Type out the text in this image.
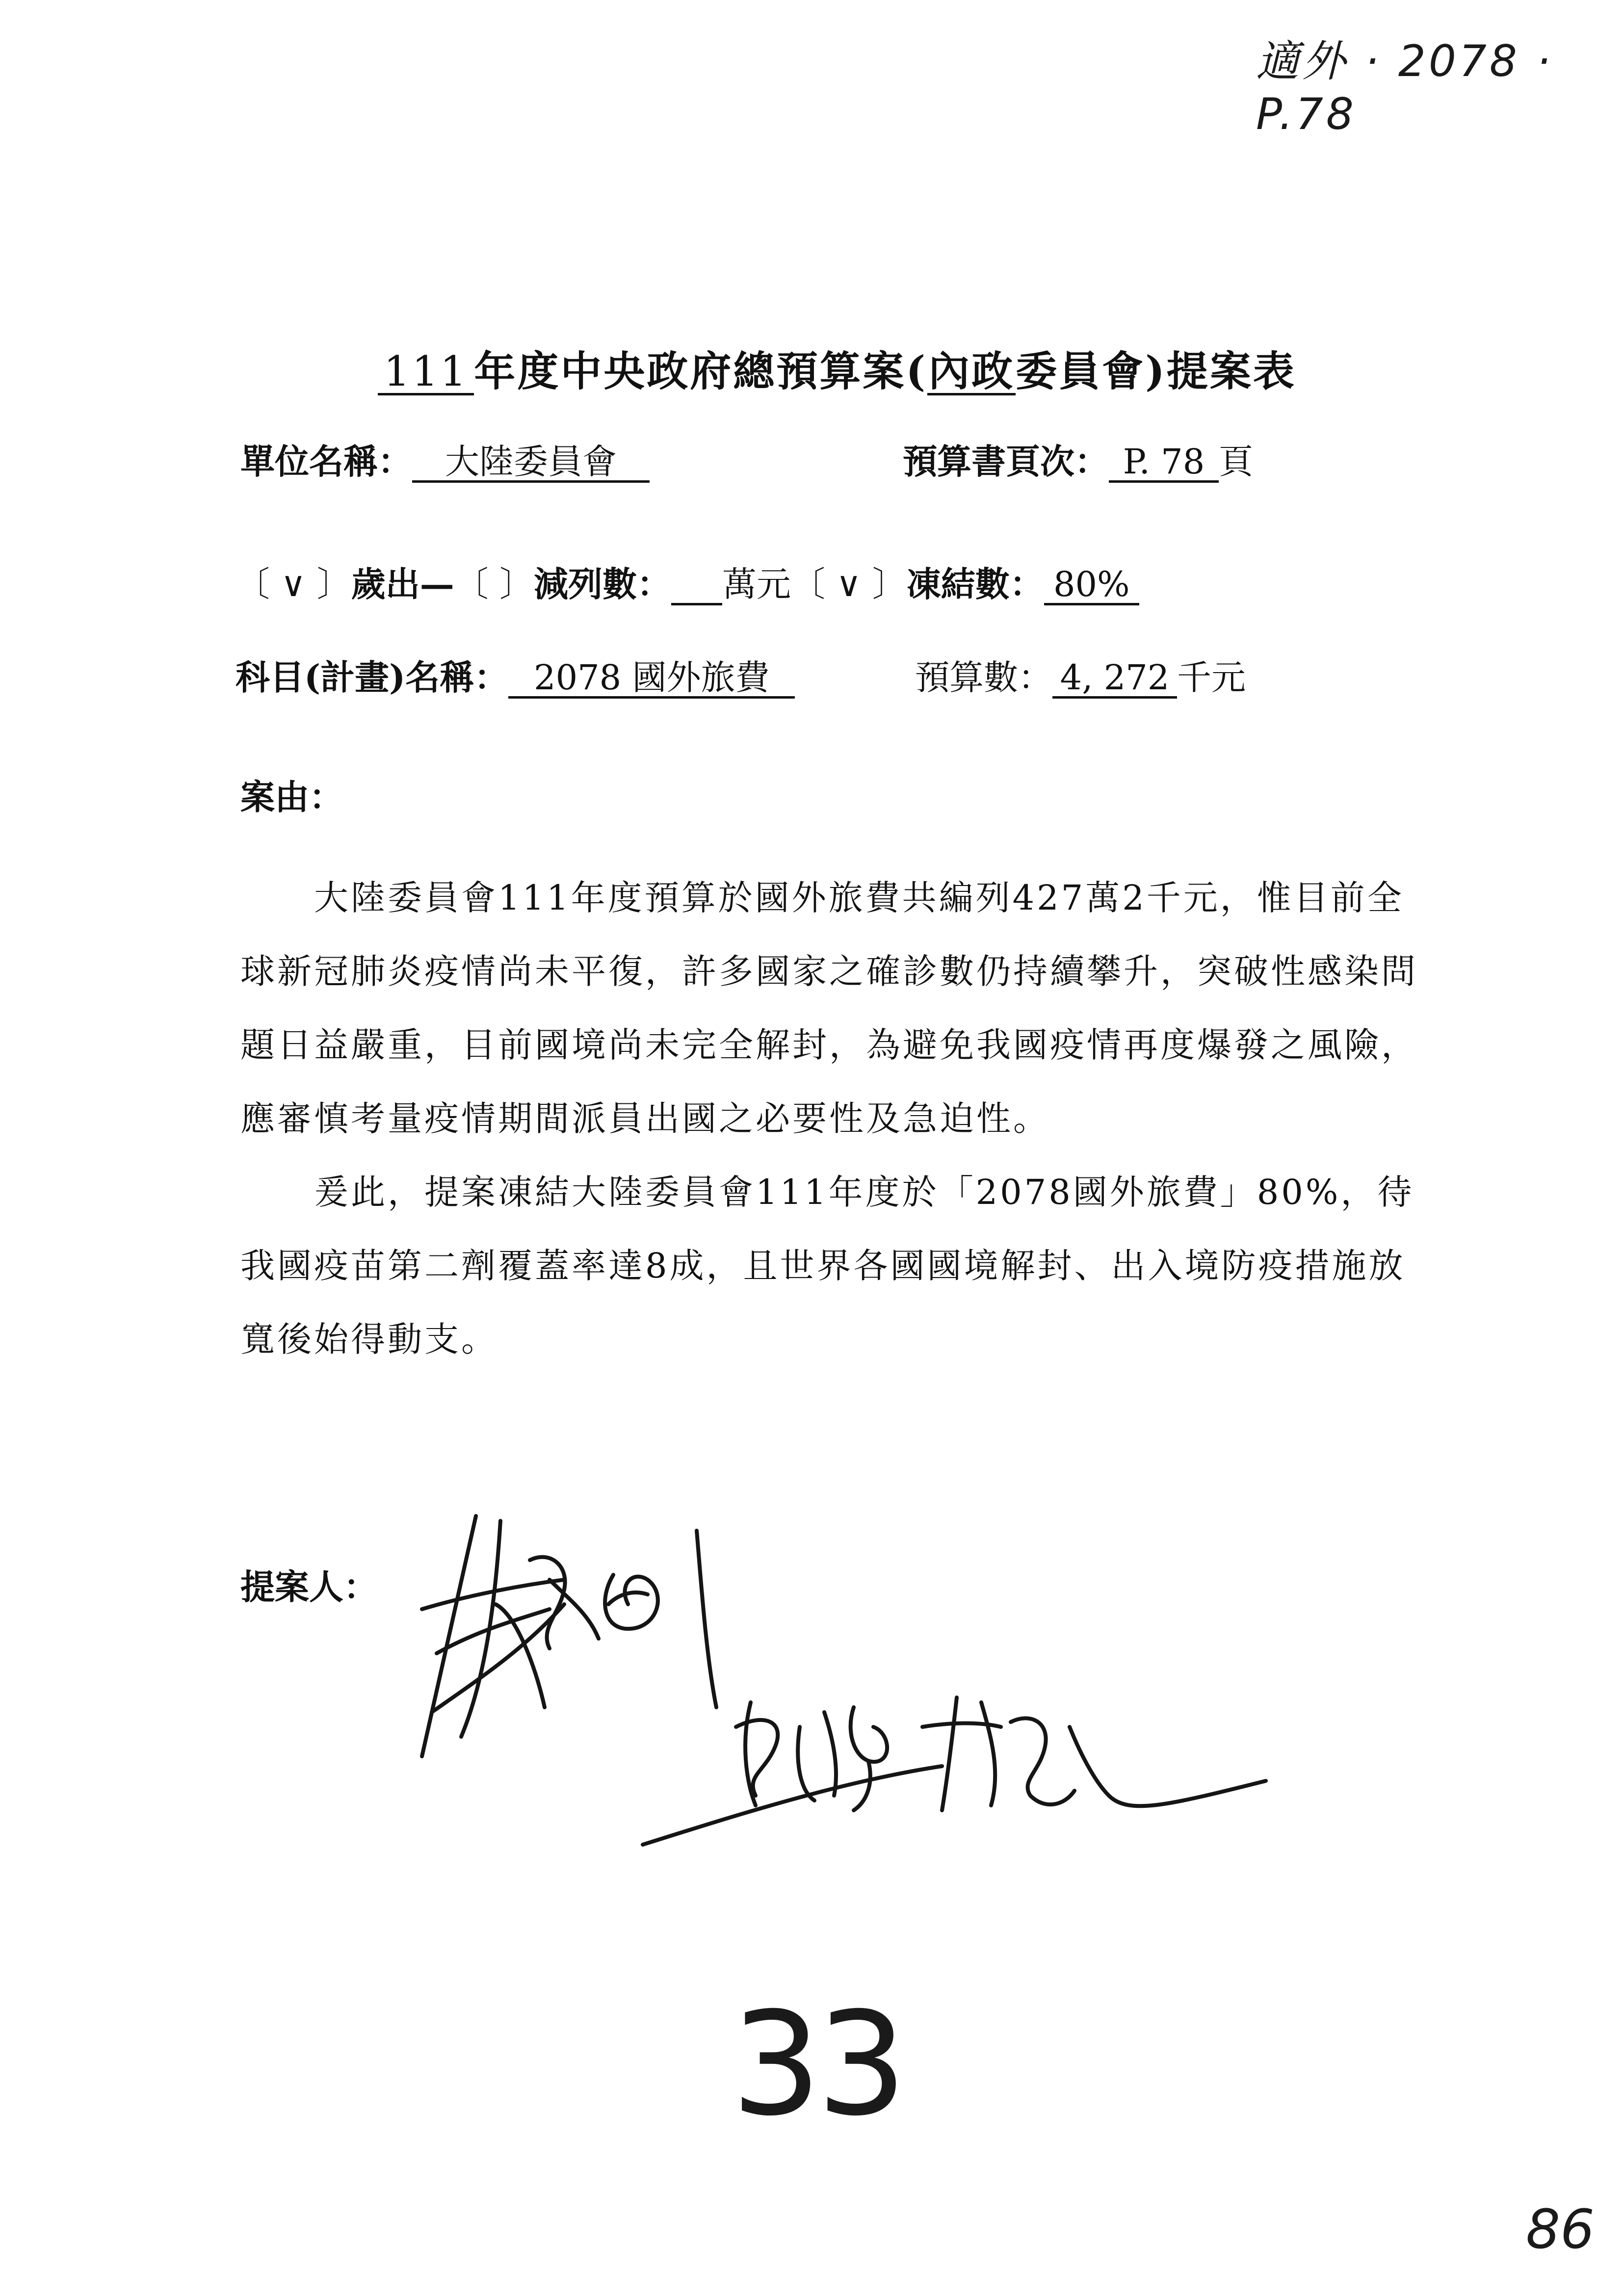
適外 · 2078 · P.78
111 年度中央政府總預算案(內政委員會)提案表
單位名稱： 大陸委員會	預算書頁次： P. 78 頁
〔 ∨ 〕歲出—〔 〕減列數： 萬元〔 ∨ 〕凍結數： 80%
科目(計畫)名稱： 2078 國外旅費	預算數： 4, 272 千元
案由：
大陸委員會111年度預算於國外旅費共編列427萬2千元，惟目前全球新冠肺炎疫情尚未平復，許多國家之確診數仍持續攀升，突破性感染問題日益嚴重，目前國境尚未完全解封，為避免我國疫情再度爆發之風險，應審慎考量疫情期間派員出國之必要性及急迫性。
爰此，提案凍結大陸委員會111年度於「2078國外旅費」80%，待我國疫苗第二劑覆蓋率達8成，且世界各國國境解封、出入境防疫措施放寬後始得動支。
提案人：
33
86
